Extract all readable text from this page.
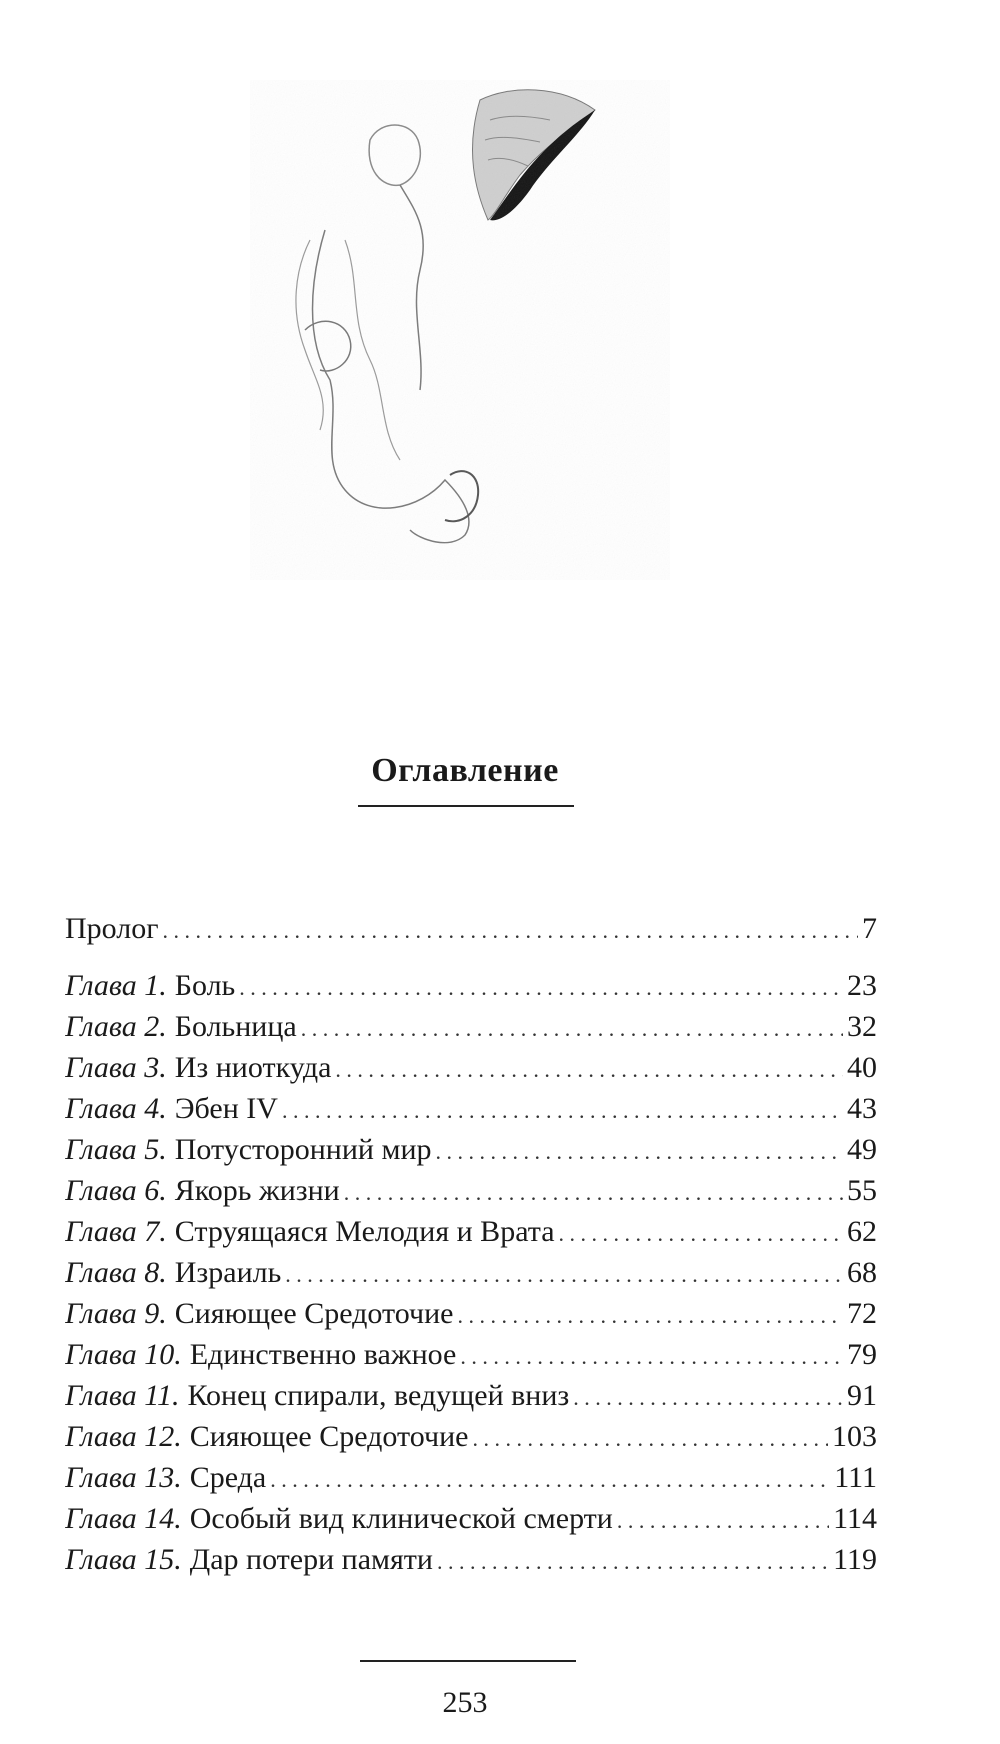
Оглавление
Пролог . . .	7
Глава 1. Боль . . .	23
Глава 2. Больница . . .	32
Глава 3. Из ниоткуда . . .	40
Глава 4. Эбен IV . . .	43
Глава 5. Потусторонний мир . . .	49
Глава 6. Якорь жизни . . .	55
Глава 7. Струящаяся Мелодия и Врата . . .	62
Глава 8. Израиль . . .	68
Глава 9. Сияющее Средоточие . . .	72
Глава 10. Единственно важное . . .	79
Глава 11. Конец спирали, ведущей вниз . . .	91
Глава 12. Сияющее Средоточие . . .	103
Глава 13. Среда . . .	111
Глава 14. Особый вид клинической смерти . . .	114
Глава 15. Дар потери памяти . . .	119
253
